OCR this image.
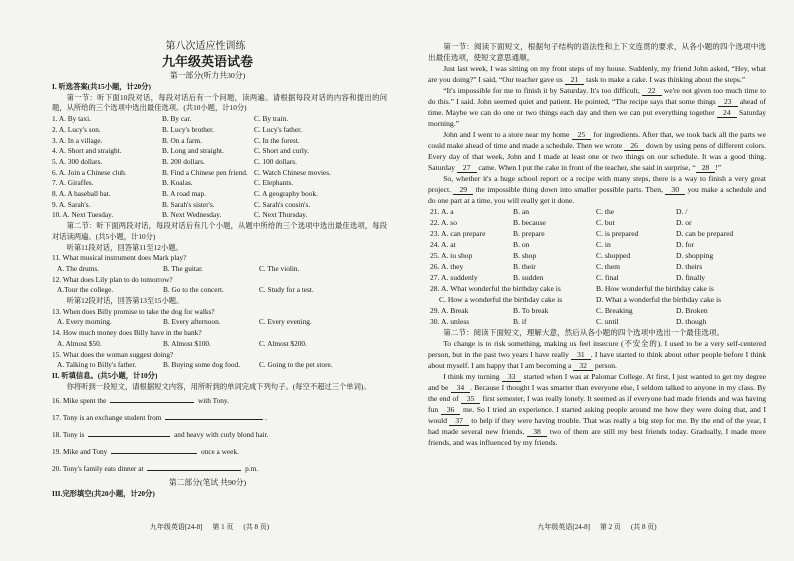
第八次适应性训练
九年级英语试卷
第一部分(听力共30分)
I. 听选答案(共15小题，计20分)
第一节：听下面10段对话，每段对话后有一个问题，读两遍。请根据每段对话的内容和提出的问题，从所给的三个选项中选出最佳选项。(共10小题，计10分)
1. A. By taxi.	B. By car.	C. By train.
2. A. Lucy's son.	B. Lucy's brother.	C. Lucy's father.
3. A. In a village.	B. On a farm.	C. In the forest.
4. A. Short and straight.	B. Long and straight.	C. Short and curly.
5. A. 300 dollars.	B. 200 dollars.	C. 100 dollars.
6. A. Join a Chinese club.	B. Find a Chinese pen friend. C. Watch Chinese movies.
7. A. Giraffes.	B. Koalas.	C. Elephants.
8. A. A baseball bat.	B. A road map.	C. A geography book.
9. A. Sarah's.	B. Sarah's sister's.	C. Sarah's cousin's.
10. A. Next Tuesday.	B. Next Wednesday.	C. Next Thursday.
第二节：听下面两段对话，每段对话后有几个小题，从题中所给的三个选项中选出最佳选项，每段对话读两遍。(共5小题，计10分)
听第11段对话，回答第11至12小题。
11. What musical instrument does Mark play?
A. The drums.	B. The guitar.	C. The violin.
12. What does Lily plan to do tomorrow?
A.Tour the college.	B. Go to the concert.	C. Study for a test.
听第12段对话，回答第13至15小题。
13. When does Billy promise to take the dog for walks?
A. Every morning.	B. Every afternoon.	C. Every evening.
14. How much money does Billy have in the bank?
A. Almost $50.	B. Almost $100.	C. Almost $200.
15. What does the woman suggest doing?
A. Talking to Billy's father.	B. Buying some dog food.	C. Going to the pet store.
II. 听填信息。(共5小题，计10分)
你将听到一段短文，请根据短文内容，用所听到的单词完成下列句子。(每空不超过三个单词)。
16. Mike spent the	with Tony.
17. Tony is an exchange student from	.
18. Tony is	and heavy with curly blond hair.
19. Mike and Tony	once a week.
20. Tony's family eats dinner at	p.m.
第二部分(笔试 共90分)
III.完形填空(共20小题，计20分)
九年级英语[24-8] 第 1 页 (共 8 页)
第一节：阅读下面短文，根据句子结构的语法性和上下文连贯的要求，从各小题的四个选项中选出最佳选项，使短文意思通顺。
Just last week, I was sitting on my front steps of my house. Suddenly, my friend John asked, “Hey, what are you doing?” I said, “Our teacher gave us 21 task to make a cake. I was thinking about the steps.”
“It's impossible for me to finish it by Saturday. It's too difficult, 22 we're not given too much time to do this.” I said. John seemed quiet and patient. He pointed, “The recipe says that some things 23 ahead of time. Maybe we can do one or two things each day and then we can put everything together 24 Saturday morning.”
John and I went to a store near my home 25 for ingredients. After that, we took back all the parts we could make ahead of time and made a schedule. Then we wrote 26 down by using pens of different colors. Every day of that week, John and I made at least one or two things on our schedule. It was a good thing. Saturday 27 came. When I put the cake in front of the teacher, she said in surprise, “ 28 !”
So, whether it's a huge school report or a recipe with many steps, there is a way to finish a very great project. 29 the impossible thing down into smaller possible parts. Then, 30 you make a schedule and do one part at a time, you will really get it done.
21. A. a	B. an	C. the	D. /
22. A. so	B. because	C. but	D. or
23. A. can prepare	B. prepare	C. is prepared	D. can be prepared
24. A. at	B. on	C. in	D. for
25. A. to shop	B. shop	C. shopped	D. shopping
26. A. they	B. their	C. them	D. theirs
27. A. suddenly	B. sudden	C. final	D. finally
28. A. What wonderful the birthday cake is	B. How wonderful the birthday cake is
C. How a wonderful the birthday cake is	D. What a wonderful the birthday cake is
29. A. Break	B. To break	C. Breaking	D. Broken
30. A. unless	B. if	C. until	D. though
第二节：阅读下面短文，理解大意，然后从各小题的四个选项中选出一个最佳选项。
To change is to risk something, making us feel insecure (不安全的). I used to be a very self-centered person, but in the past two years I have really 31 . I have started to think about other people before I think about myself. I am happy that I am becoming a 32 person.
I think my turning 33 started when I was at Palomar College. At first, I just wanted to get my degree and be 34 . Because I thought I was smarter than everyone else, I seldom talked to anyone in my class. By the end of 35 first semester, I was really lonely. It seemed as if everyone had made friends and was having fun 36 me. So I tried an experience. I started asking people around me how they were doing that, and I would 37 to help if they were having trouble. That was really a big step for me. By the end of the year, I had made several new friends, 38 two of them are still my best friends today. Gradually, I made more friends, and was influenced by my friends.
九年级英语[24-8] 第 2 页 (共 8 页)
